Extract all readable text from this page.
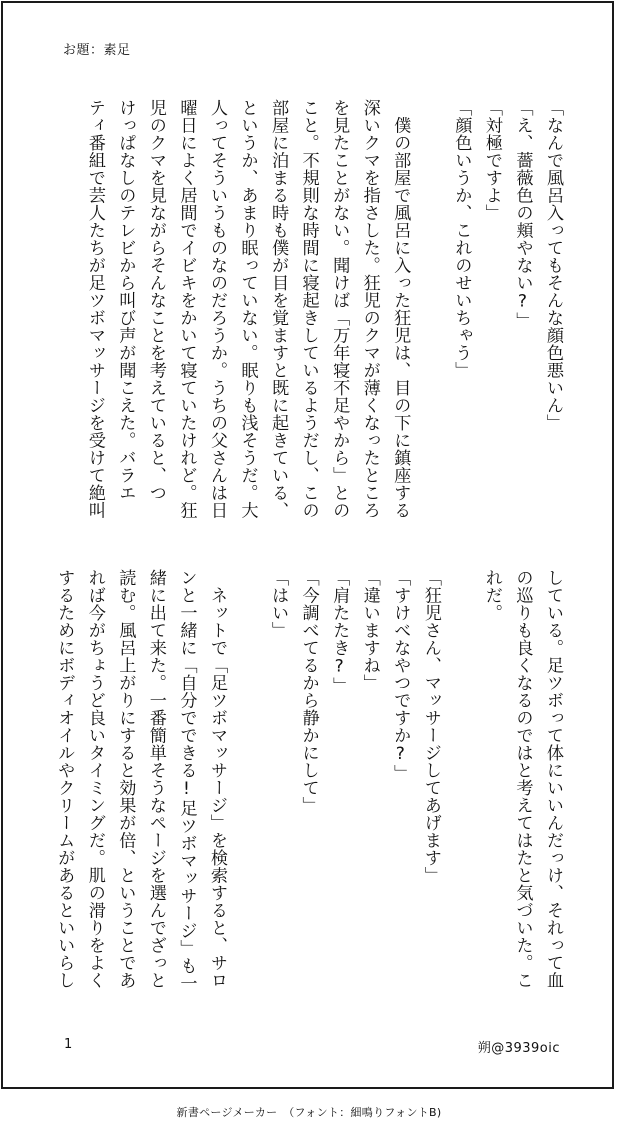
お題：素足

「なんで風呂入ってもそんな顔色悪いん」

「え、薔薇色の頬やない?」

「対極ですよ」

「顔色いうか、これのせいちゃう」

　僕の部屋で風呂に入った狂児は、目の下に鎮座する

深いクマを指さした。狂児のクマが薄くなったところ

を見たことがない。聞けば「万年寝不足やから」との

こと。不規則な時間に寝起きしているようだし、この

部屋に泊まる時も僕が目を覚ますと既に起きている、

というか、あまり眠っていない。眠りも浅そうだ。大

人ってそういうものなのだろうか。うちの父さんは日

曜日によく居間でイビキをかいて寝ていたけれど。狂

児のクマを見ながらそんなことを考えていると、つ

けっぱなしのテレビから叫び声が聞こえた。バラエ

ティ番組で芸人たちが足ツボマッサージを受けて絶叫

している。足ツボって体にいいんだっけ、それって血

の巡りも良くなるのではと考えてはたと気づいた。こ

れだ。

「狂児さん、マッサージしてあげます」

「すけべなやつですか?」

「違いますね」

「肩たたき?」

「今調べてるから静かにして」

「はい」

　ネットで「足ツボマッサージ」を検索すると、サロ

ンと一緒に「自分でできる!足ツボマッサージ」も一

緒に出て来た。一番簡単そうなページを選んでざっと

読む。風呂上がりにすると効果が倍、ということであ

れば今がちょうど良いタイミングだ。肌の滑りをよく

するためにボディオイルやクリームがあるといいらし

1	朔@3939oic
新書ページメーカー　（フォント：細鳴りフォントB)
